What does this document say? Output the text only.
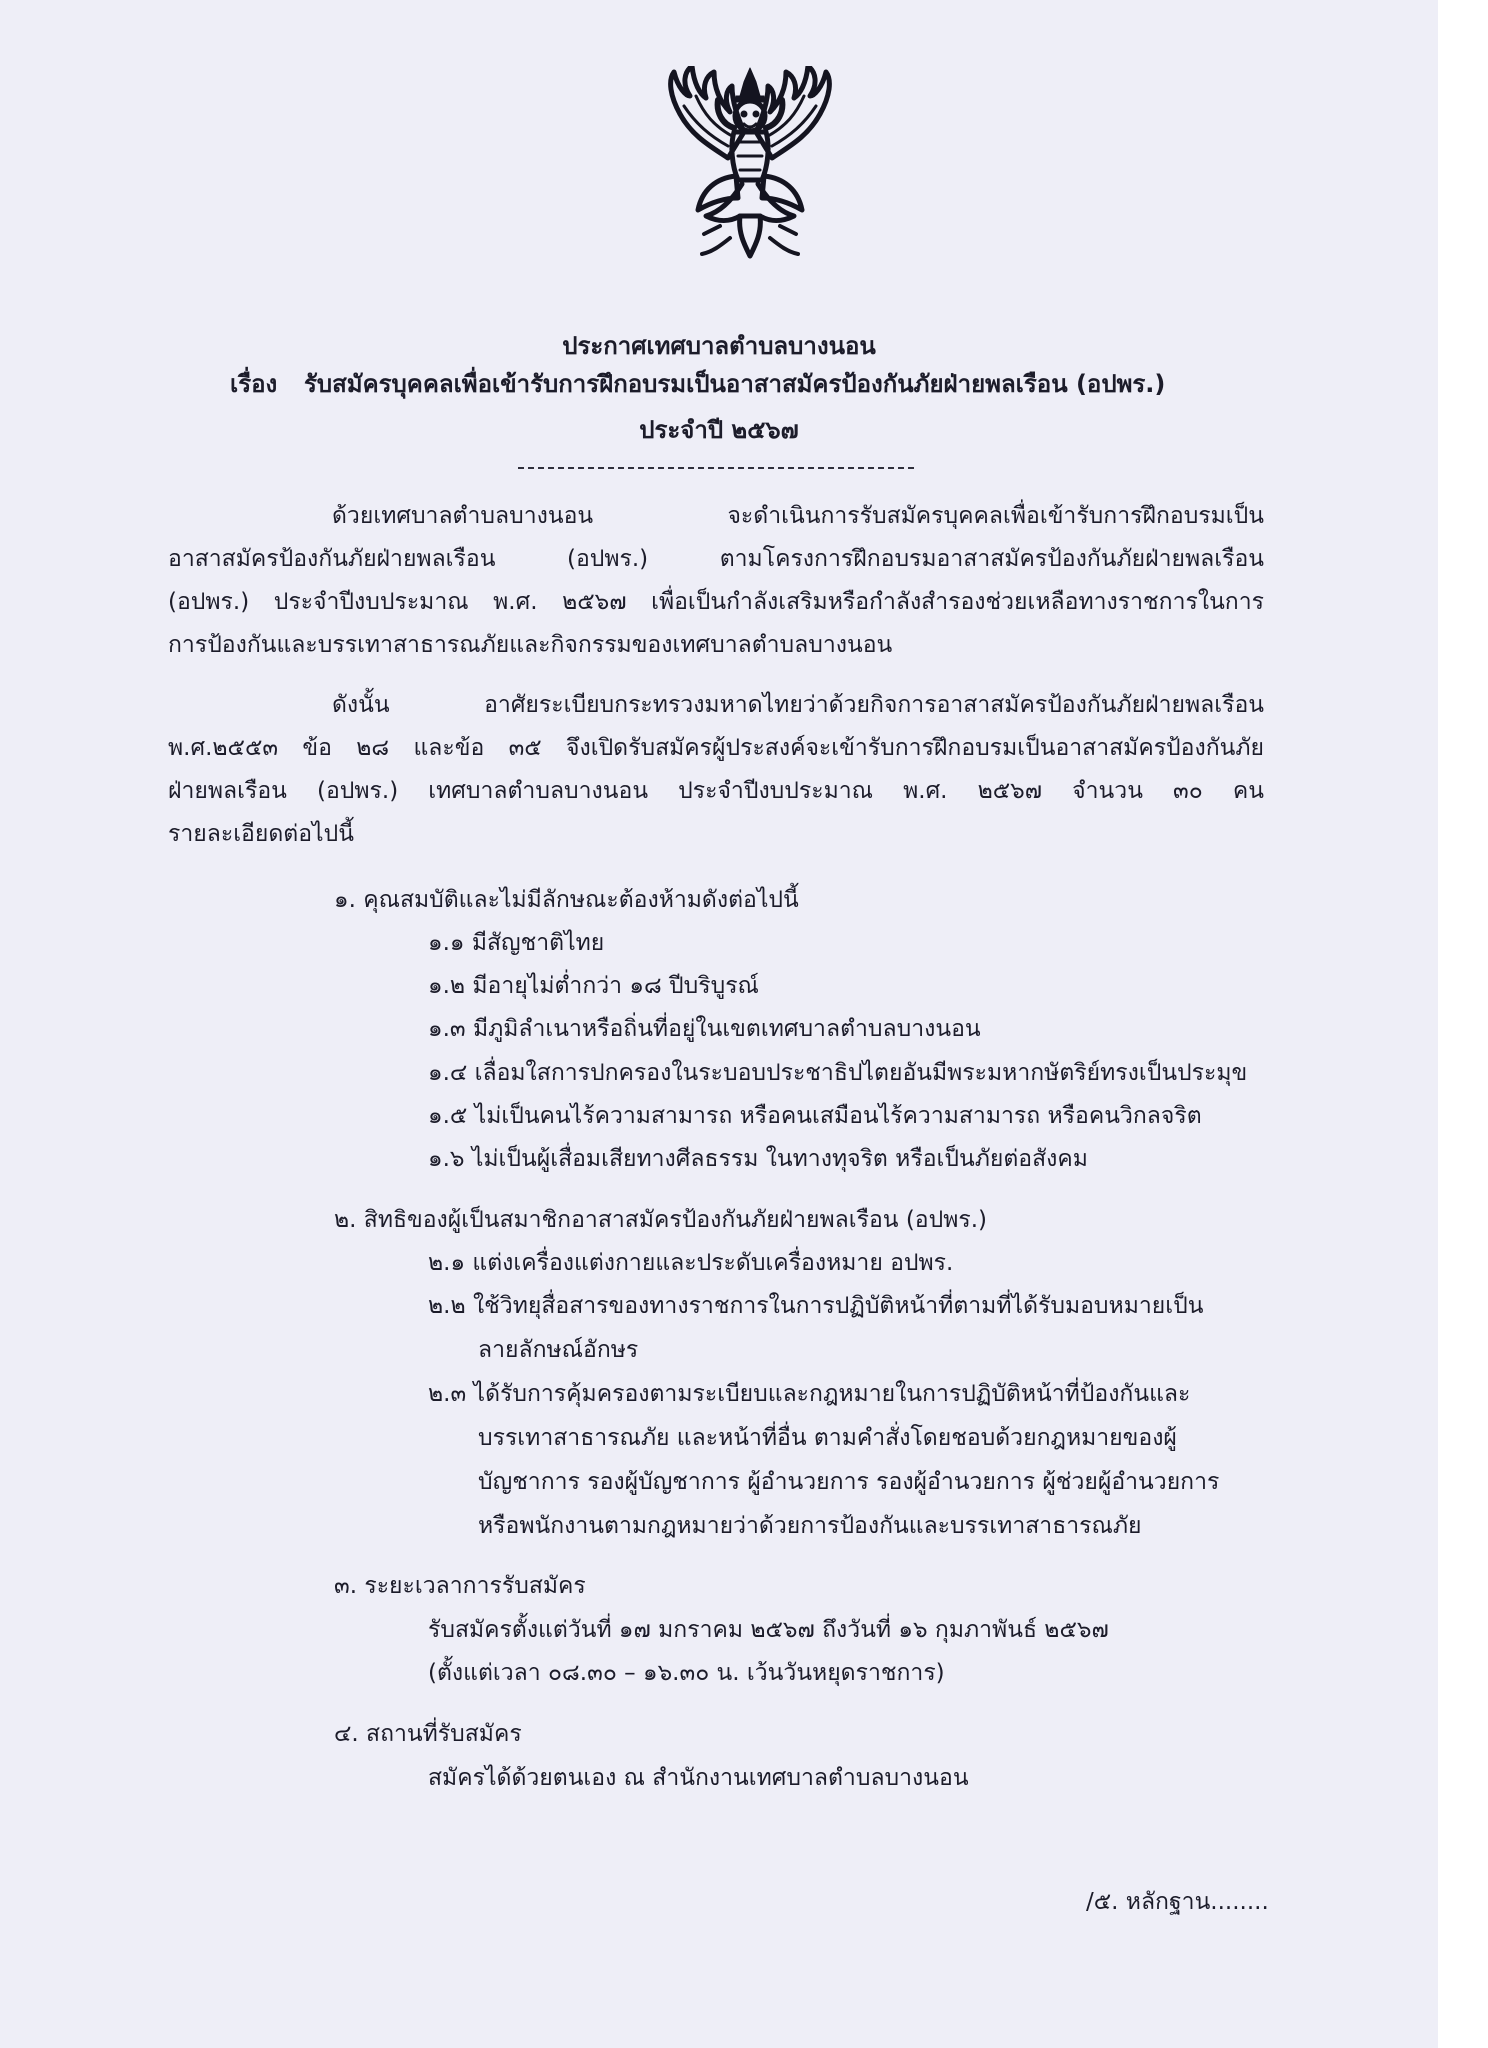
ประกาศเทศบาลตำบลบางนอน
เรื่อง รับสมัครบุคคลเพื่อเข้ารับการฝึกอบรมเป็นอาสาสมัครป้องกันภัยฝ่ายพลเรือน (อปพร.)
ประจำปี ๒๕๖๗
ด้วยเทศบาลตำบลบางนอน จะดำเนินการรับสมัครบุคคลเพื่อเข้ารับการฝึกอบรมเป็น
อาสาสมัครป้องกันภัยฝ่ายพลเรือน (อปพร.) ตามโครงการฝึกอบรมอาสาสมัครป้องกันภัยฝ่ายพลเรือน
(อปพร.) ประจำปีงบประมาณ พ.ศ. ๒๕๖๗ เพื่อเป็นกำลังเสริมหรือกำลังสำรองช่วยเหลือทางราชการในการ
การป้องกันและบรรเทาสาธารณภัยและกิจกรรมของเทศบาลตำบลบางนอน
ดังนั้น อาศัยระเบียบกระทรวงมหาดไทยว่าด้วยกิจการอาสาสมัครป้องกันภัยฝ่ายพลเรือน
พ.ศ.๒๕๕๓ ข้อ ๒๘ และข้อ ๓๕ จึงเปิดรับสมัครผู้ประสงค์จะเข้ารับการฝึกอบรมเป็นอาสาสมัครป้องกันภัย
ฝ่ายพลเรือน (อปพร.) เทศบาลตำบลบางนอน ประจำปีงบประมาณ พ.ศ. ๒๕๖๗ จำนวน ๓๐ คน
รายละเอียดต่อไปนี้
๑. คุณสมบัติและไม่มีลักษณะต้องห้ามดังต่อไปนี้
๑.๑ มีสัญชาติไทย
๑.๒ มีอายุไม่ต่ำกว่า ๑๘ ปีบริบูรณ์
๑.๓ มีภูมิลำเนาหรือถิ่นที่อยู่ในเขตเทศบาลตำบลบางนอน
๑.๔ เลื่อมใสการปกครองในระบอบประชาธิปไตยอันมีพระมหากษัตริย์ทรงเป็นประมุข
๑.๕ ไม่เป็นคนไร้ความสามารถ หรือคนเสมือนไร้ความสามารถ หรือคนวิกลจริต
๑.๖ ไม่เป็นผู้เสื่อมเสียทางศีลธรรม ในทางทุจริต หรือเป็นภัยต่อสังคม
๒. สิทธิของผู้เป็นสมาชิกอาสาสมัครป้องกันภัยฝ่ายพลเรือน (อปพร.)
๒.๑ แต่งเครื่องแต่งกายและประดับเครื่องหมาย อปพร.
๒.๒ ใช้วิทยุสื่อสารของทางราชการในการปฏิบัติหน้าที่ตามที่ได้รับมอบหมายเป็น
ลายลักษณ์อักษร
๒.๓ ได้รับการคุ้มครองตามระเบียบและกฎหมายในการปฏิบัติหน้าที่ป้องกันและ
บรรเทาสาธารณภัย และหน้าที่อื่น ตามคำสั่งโดยชอบด้วยกฎหมายของผู้
บัญชาการ รองผู้บัญชาการ ผู้อำนวยการ รองผู้อำนวยการ ผู้ช่วยผู้อำนวยการ
หรือพนักงานตามกฎหมายว่าด้วยการป้องกันและบรรเทาสาธารณภัย
๓. ระยะเวลาการรับสมัคร
รับสมัครตั้งแต่วันที่ ๑๗ มกราคม ๒๕๖๗ ถึงวันที่ ๑๖ กุมภาพันธ์ ๒๕๖๗
(ตั้งแต่เวลา ๐๘.๓๐ – ๑๖.๓๐ น. เว้นวันหยุดราชการ)
๔. สถานที่รับสมัคร
สมัครได้ด้วยตนเอง ณ สำนักงานเทศบาลตำบลบางนอน
/๕. หลักฐาน........
